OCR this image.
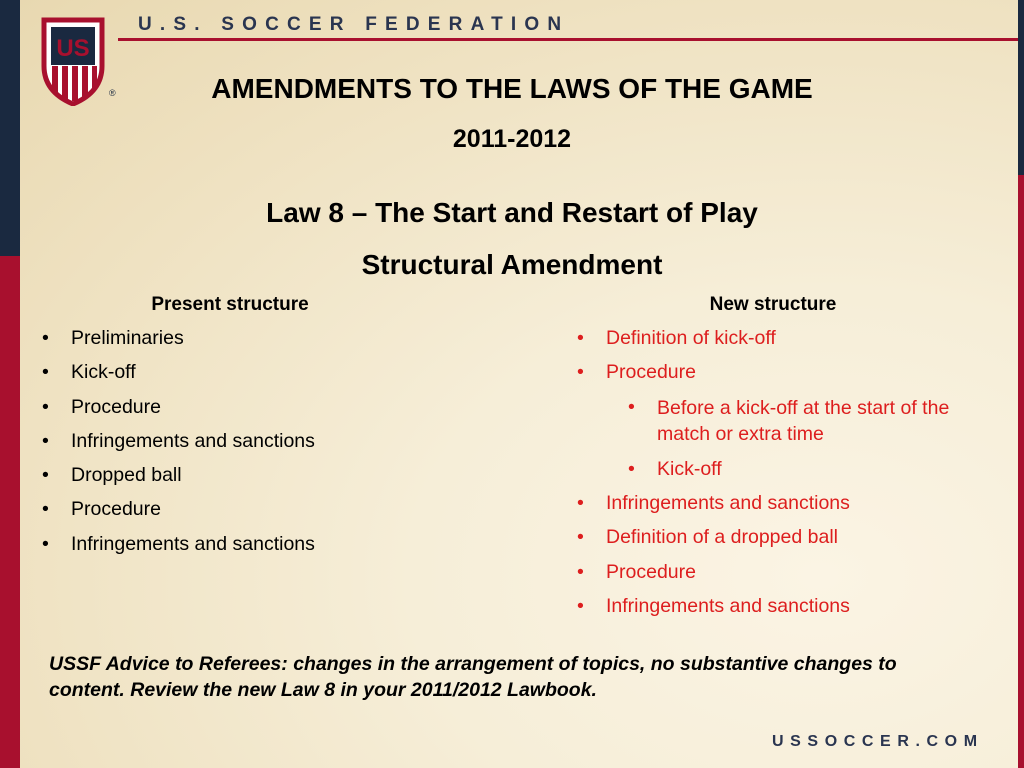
US
®
U.S. SOCCER FEDERATION
AMENDMENTS TO THE LAWS OF THE GAME
2011-2012
Law 8 – The Start and Restart of Play
Structural Amendment
Present structure	New structure
• Preliminaries
• Kick-off
• Procedure
• Infringements and sanctions
• Dropped ball
• Procedure
• Infringements and sanctions
• Definition of kick-off
• Procedure
• Before a kick-off at the start of the match or extra time
• Kick-off
• Infringements and sanctions
• Definition of a dropped ball
• Procedure
• Infringements and sanctions
USSF Advice to Referees: changes in the arrangement of topics, no substantive changes to content. Review the new Law 8 in your 2011/2012 Lawbook.
USSOCCER.COM
